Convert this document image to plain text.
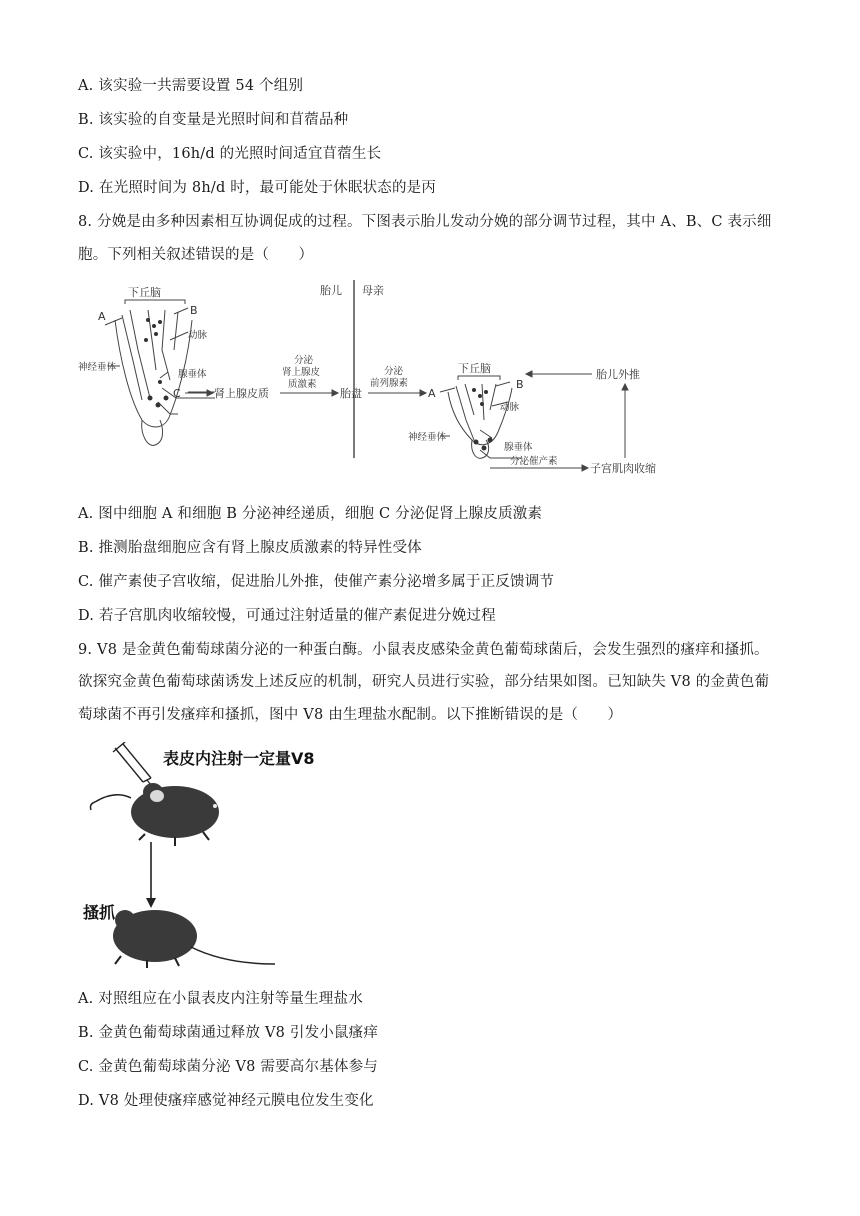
A. 该实验一共需要设置 54 个组别
B. 该实验的自变量是光照时间和苜蓿品种
C. 该实验中，16h/d 的光照时间适宜苜蓿生长
D. 在光照时间为 8h/d 时，最可能处于休眠状态的是丙
8. 分娩是由多种因素相互协调促成的过程。下图表示胎儿发动分娩的部分调节过程，其中 A、B、C 表示细
胞。下列相关叙述错误的是（　　）
下丘脑
A	B
动脉
神经垂体
腺垂体
C	肾上腺皮质
分泌
肾上腺皮
质激素
胎儿 母亲
胎盘
分泌
前列腺素
A
下丘脑
B
动脉
神经垂体
腺垂体
分泌催产素
子宫肌肉收缩
胎儿外推
A. 图中细胞 A 和细胞 B 分泌神经递质，细胞 C 分泌促肾上腺皮质激素
B. 推测胎盘细胞应含有肾上腺皮质激素的特异性受体
C. 催产素使子宫收缩，促进胎儿外推，使催产素分泌增多属于正反馈调节
D. 若子宫肌肉收缩较慢，可通过注射适量的催产素促进分娩过程
9. V8 是金黄色葡萄球菌分泌的一种蛋白酶。小鼠表皮感染金黄色葡萄球菌后，会发生强烈的瘙痒和搔抓。
欲探究金黄色葡萄球菌诱发上述反应的机制，研究人员进行实验，部分结果如图。已知缺失 V8 的金黄色葡
萄球菌不再引发瘙痒和搔抓，图中 V8 由生理盐水配制。以下推断错误的是（　　）
表皮内注射一定量V8
搔抓
A. 对照组应在小鼠表皮内注射等量生理盐水
B. 金黄色葡萄球菌通过释放 V8 引发小鼠瘙痒
C. 金黄色葡萄球菌分泌 V8 需要高尔基体参与
D. V8 处理使瘙痒感觉神经元膜电位发生变化
